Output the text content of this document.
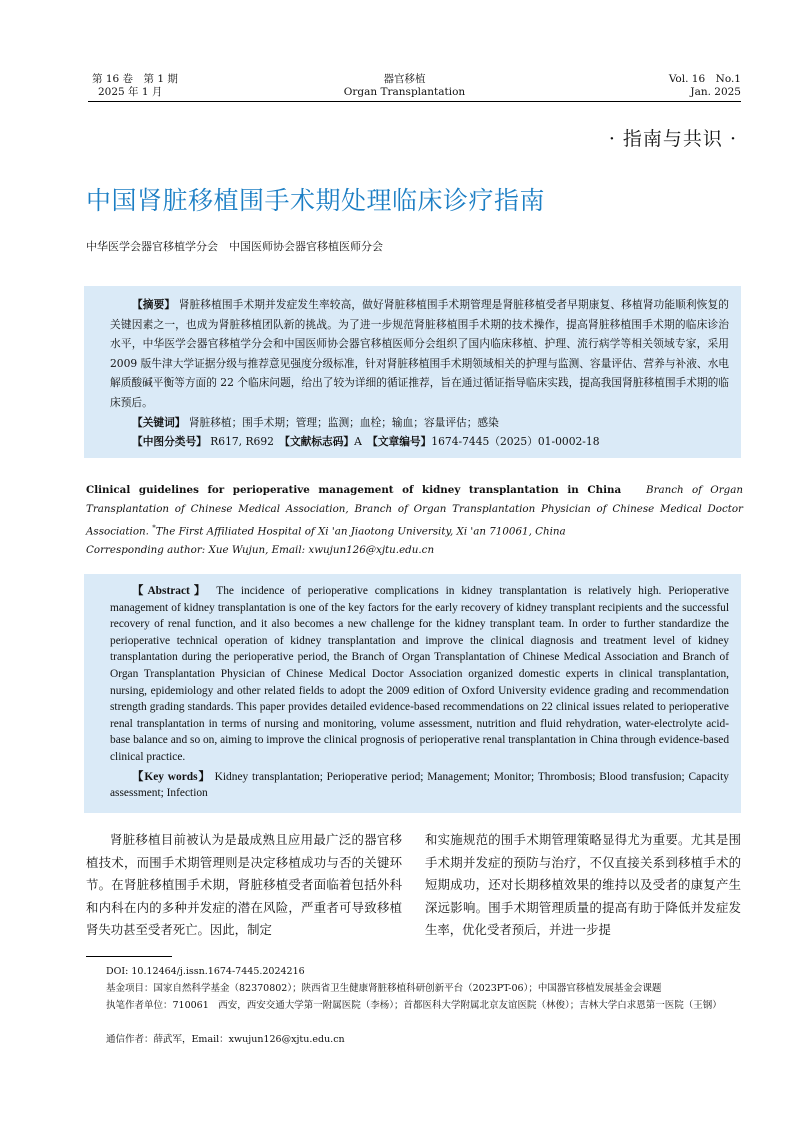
第 16 卷　第 1 期
2025 年 1 月
器官移植
Organ Transplantation
Vol. 16　No.1
Jan. 2025
· 指南与共识 ·
中国肾脏移植围手术期处理临床诊疗指南
中华医学会器官移植学分会　中国医师协会器官移植医师分会

【摘要】 肾脏移植围手术期并发症发生率较高，做好肾脏移植围手术期管理是肾脏移植受者早期康复、移植肾功能顺利恢复的关键因素之一，也成为肾脏移植团队新的挑战。为了进一步规范肾脏移植围手术期的技术操作，提高肾脏移植围手术期的临床诊治水平，中华医学会器官移植学分会和中国医师协会器官移植医师分会组织了国内临床移植、护理、流行病学等相关领域专家，采用 2009 版牛津大学证据分级与推荐意见强度分级标准，针对肾脏移植围手术期领域相关的护理与监测、容量评估、营养与补液、水电解质酸碱平衡等方面的 22 个临床问题，给出了较为详细的循证推荐，旨在通过循证指导临床实践，提高我国肾脏移植围手术期的临床预后。

【关键词】 肾脏移植；围手术期；管理；监测；血栓；输血；容量评估；感染

【中图分类号】 R617, R692　 【文献标志码】A　 【文章编号】1674-7445（2025）01-0002-18

Clinical guidelines for perioperative management of kidney transplantation in China Branch of Organ Transplantation of Chinese Medical Association, Branch of Organ Transplantation Physician of Chinese Medical Doctor Association. *The First Affiliated Hospital of Xi 'an Jiaotong University, Xi 'an 710061, China
Corresponding author: Xue Wujun, Email: xwujun126@xjtu.edu.cn

【Abstract】 The incidence of perioperative complications in kidney transplantation is relatively high. Perioperative management of kidney transplantation is one of the key factors for the early recovery of kidney transplant recipients and the successful recovery of renal function, and it also becomes a new challenge for the kidney transplant team. In order to further standardize the perioperative technical operation of kidney transplantation and improve the clinical diagnosis and treatment level of kidney transplantation during the perioperative period, the Branch of Organ Transplantation of Chinese Medical Association and Branch of Organ Transplantation Physician of Chinese Medical Doctor Association organized domestic experts in clinical transplantation, nursing, epidemiology and other related fields to adopt the 2009 edition of Oxford University evidence grading and recommendation strength grading standards. This paper provides detailed evidence-based recommendations on 22 clinical issues related to perioperative renal transplantation in terms of nursing and monitoring, volume assessment, nutrition and fluid rehydration, water-electrolyte acid-base balance and so on, aiming to improve the clinical prognosis of perioperative renal transplantation in China through evidence-based clinical practice.

【Key words】 Kidney transplantation; Perioperative period; Management; Monitor; Thrombosis; Blood transfusion; Capacity assessment; Infection

肾脏移植目前被认为是最成熟且应用最广泛的器官移植技术，而围手术期管理则是决定移植成功与否的关键环节。在肾脏移植围手术期，肾脏移植受者面临着包括外科和内科在内的多种并发症的潜在风险，严重者可导致移植肾失功甚至受者死亡。因此，制定

和实施规范的围手术期管理策略显得尤为重要。尤其是围手术期并发症的预防与治疗，不仅直接关系到移植手术的短期成功，还对长期移植效果的维持以及受者的康复产生深远影响。围手术期管理质量的提高有助于降低并发症发生率，优化受者预后，并进一步提

DOI: 10.12464/j.issn.1674-7445.2024216
基金项目：国家自然科学基金（82370802）；陕西省卫生健康肾脏移植科研创新平台（2023PT-06）；中国器官移植发展基金会课题
执笔作者单位：710061　西安，西安交通大学第一附属医院（李杨）；首都医科大学附属北京友谊医院（林俊）；吉林大学白求恩第一医院（王钢）
通信作者：薛武军，Email：xwujun126@xjtu.edu.cn
